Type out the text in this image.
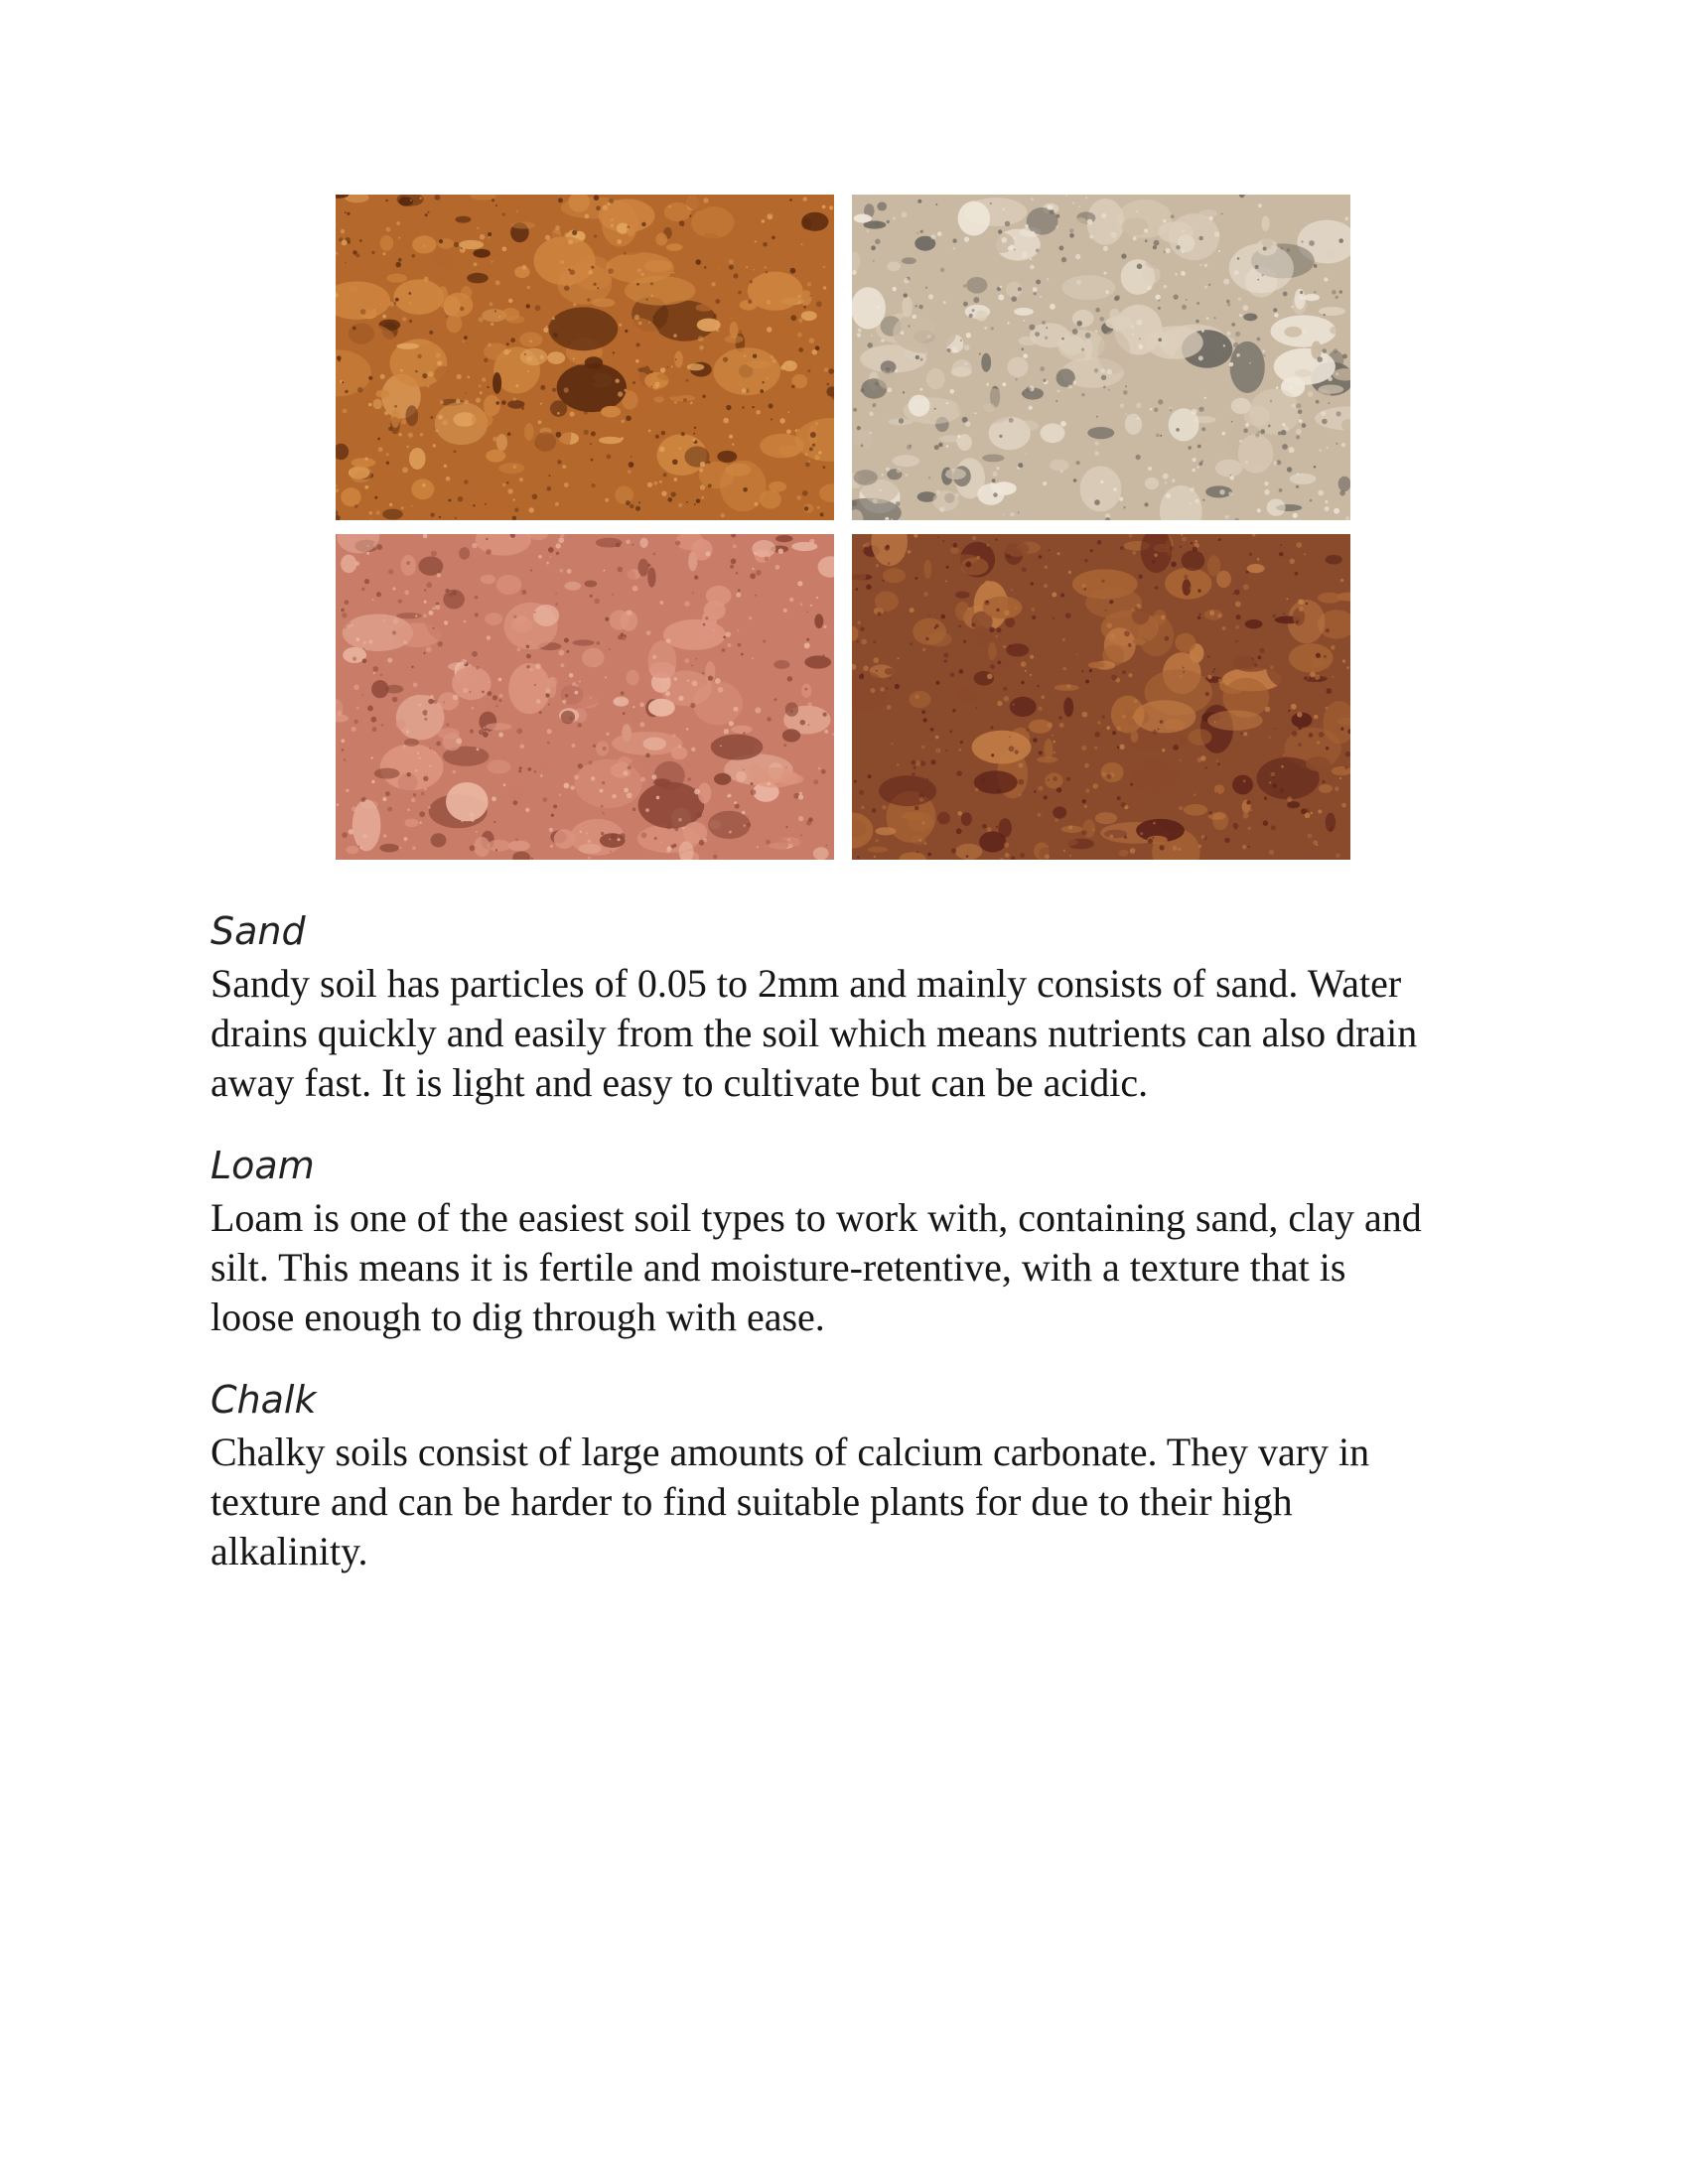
Sand

Sandy soil has particles of 0.05 to 2mm and mainly consists of sand. Water
drains quickly and easily from the soil which means nutrients can also drain
away fast. It is light and easy to cultivate but can be acidic.

Loam

Loam is one of the easiest soil types to work with, containing sand, clay and
silt. This means it is fertile and moisture-retentive, with a texture that is
loose enough to dig through with ease.

Chalk

Chalky soils consist of large amounts of calcium carbonate. They vary in
texture and can be harder to find suitable plants for due to their high
alkalinity.
